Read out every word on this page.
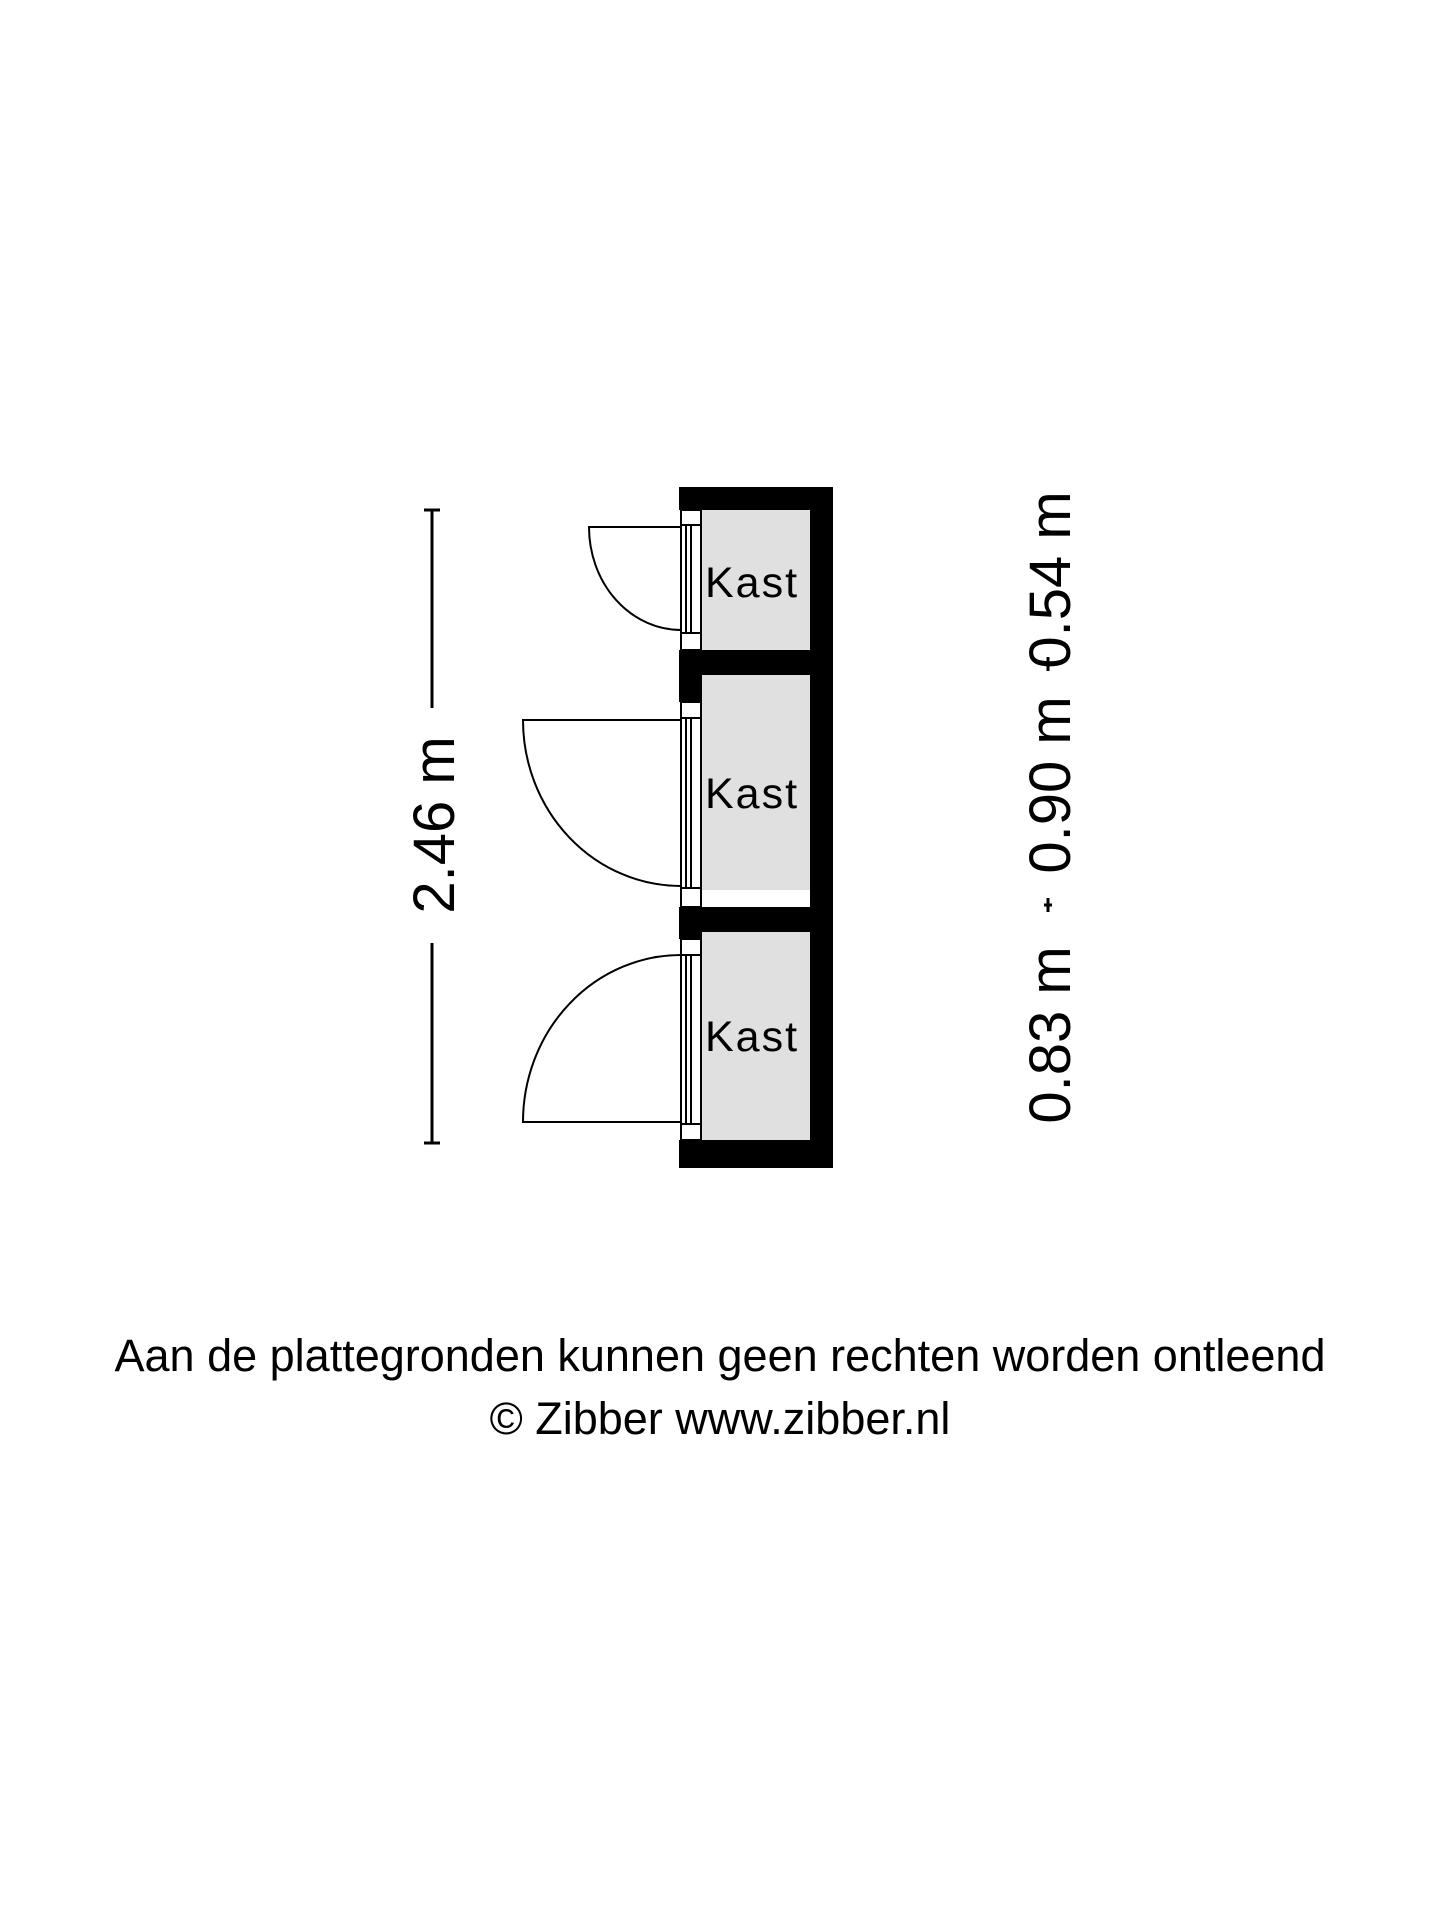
Kast
Kast
Kast
2.46 m
0.83 m
0.90 m
0.54 m
Aan de plattegronden kunnen geen rechten worden ontleend
© Zibber www.zibber.nl
